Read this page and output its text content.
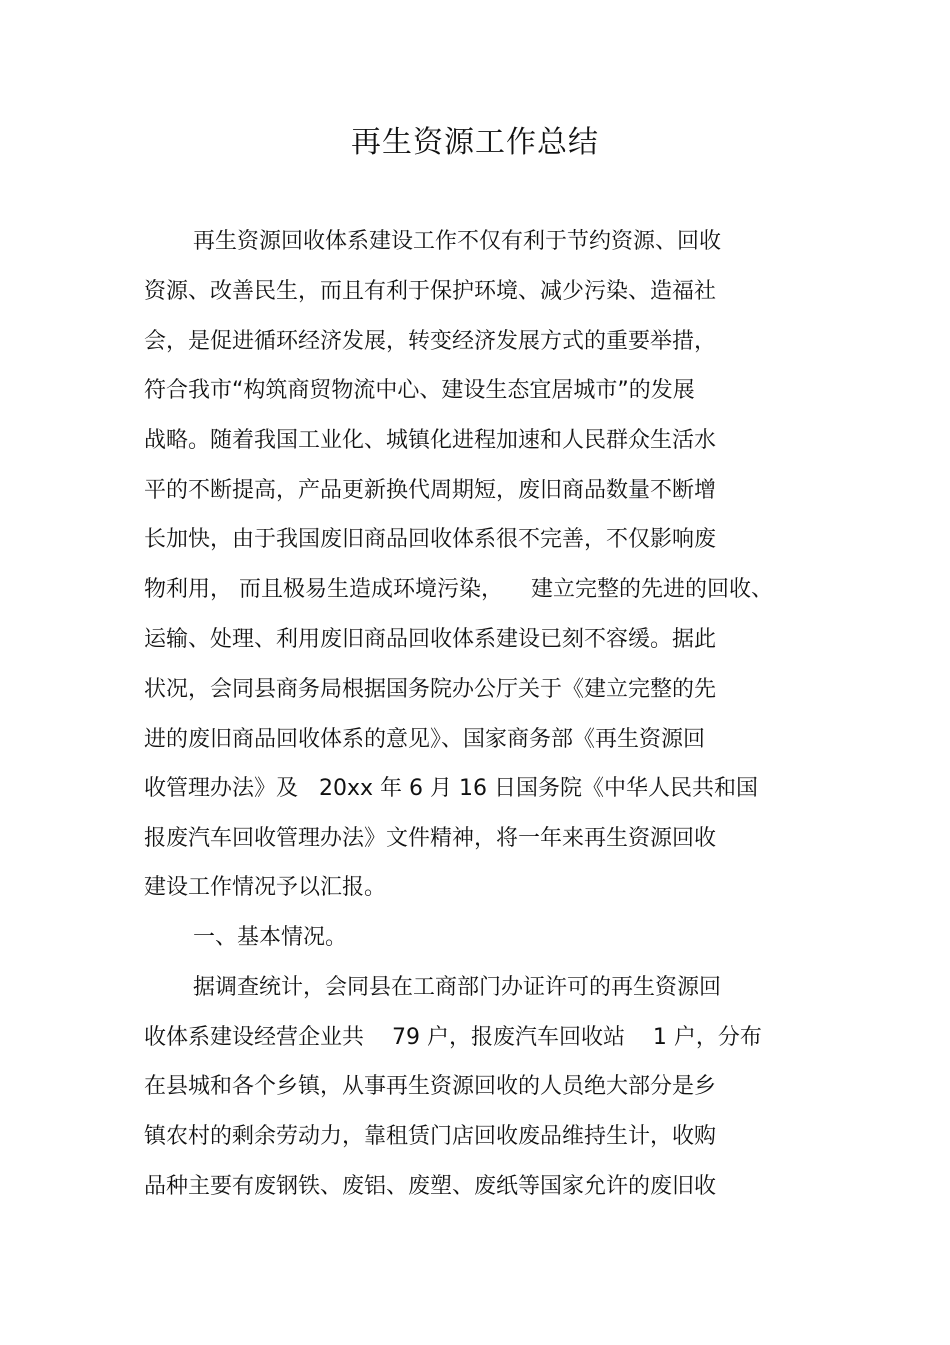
再生资源工作总结

再生资源回收体系建设工作不仅有利于节约资源、回收

资源、改善民生，而且有利于保护环境、减少污染、造福社

会，是促进循环经济发展，转变经济发展方式的重要举措，

符合我市“构筑商贸物流中心、建设生态宜居城市”的发展

战略。随着我国工业化、城镇化进程加速和人民群众生活水

平的不断提高，产品更新换代周期短，废旧商品数量不断增

长加快，由于我国废旧商品回收体系很不完善，不仅影响废

物利用， 而且极易生造成环境污染，    建立完整的先进的回收、

运输、处理、利用废旧商品回收体系建设已刻不容缓。据此

状况，会同县商务局根据国务院办公厅关于《建立完整的先

进的废旧商品回收体系的意见》、国家商务部《再生资源回

收管理办法》及   20xx 年 6 月 16 日国务院《中华人民共和国

报废汽车回收管理办法》文件精神，将一年来再生资源回收

建设工作情况予以汇报。

一、基本情况。

据调查统计，会同县在工商部门办证许可的再生资源回

收体系建设经营企业共    79 户，报废汽车回收站    1 户，分布

在县城和各个乡镇，从事再生资源回收的人员绝大部分是乡

镇农村的剩余劳动力，靠租赁门店回收废品维持生计，收购

品种主要有废钢铁、废铝、废塑、废纸等国家允许的废旧收
